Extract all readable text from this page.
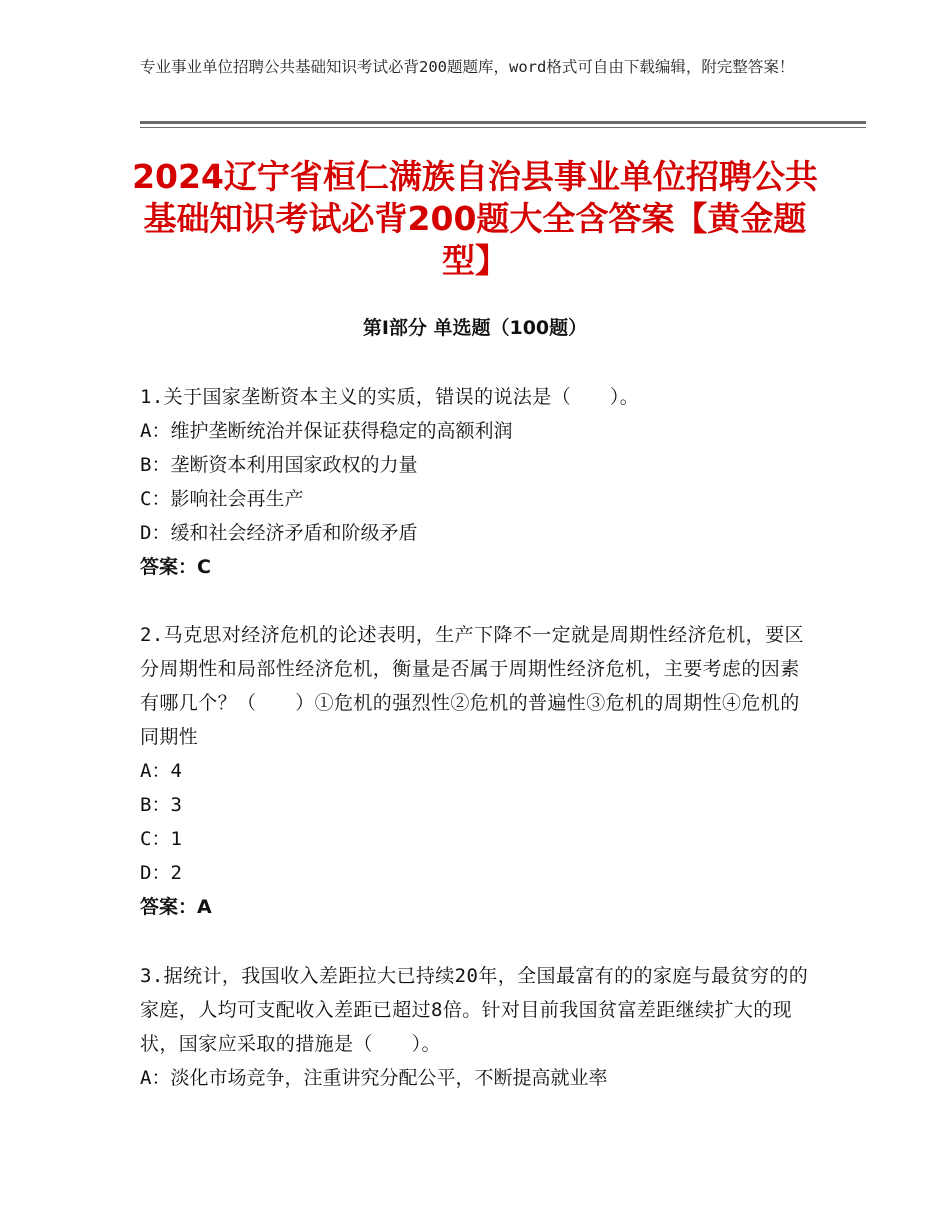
专业事业单位招聘公共基础知识考试必背200题题库，word格式可自由下载编辑，附完整答案！
2024辽宁省桓仁满族自治县事业单位招聘公共基础知识考试必背200题大全含答案【黄金题型】
第Ⅰ部分 单选题（100题）
1.关于国家垄断资本主义的实质，错误的说法是（　　）。
A：维护垄断统治并保证获得稳定的高额利润
B：垄断资本利用国家政权的力量
C：影响社会再生产
D：缓和社会经济矛盾和阶级矛盾
答案：C
2.马克思对经济危机的论述表明，生产下降不一定就是周期性经济危机，要区分周期性和局部性经济危机，衡量是否属于周期性经济危机，主要考虑的因素有哪几个？（　　）①危机的强烈性②危机的普遍性③危机的周期性④危机的同期性
A：4
B：3
C：1
D：2
答案：A
3.据统计，我国收入差距拉大已持续20年，全国最富有的的家庭与最贫穷的的家庭，人均可支配收入差距已超过8倍。针对目前我国贫富差距继续扩大的现状，国家应采取的措施是（　　）。
A：淡化市场竞争，注重讲究分配公平，不断提高就业率
